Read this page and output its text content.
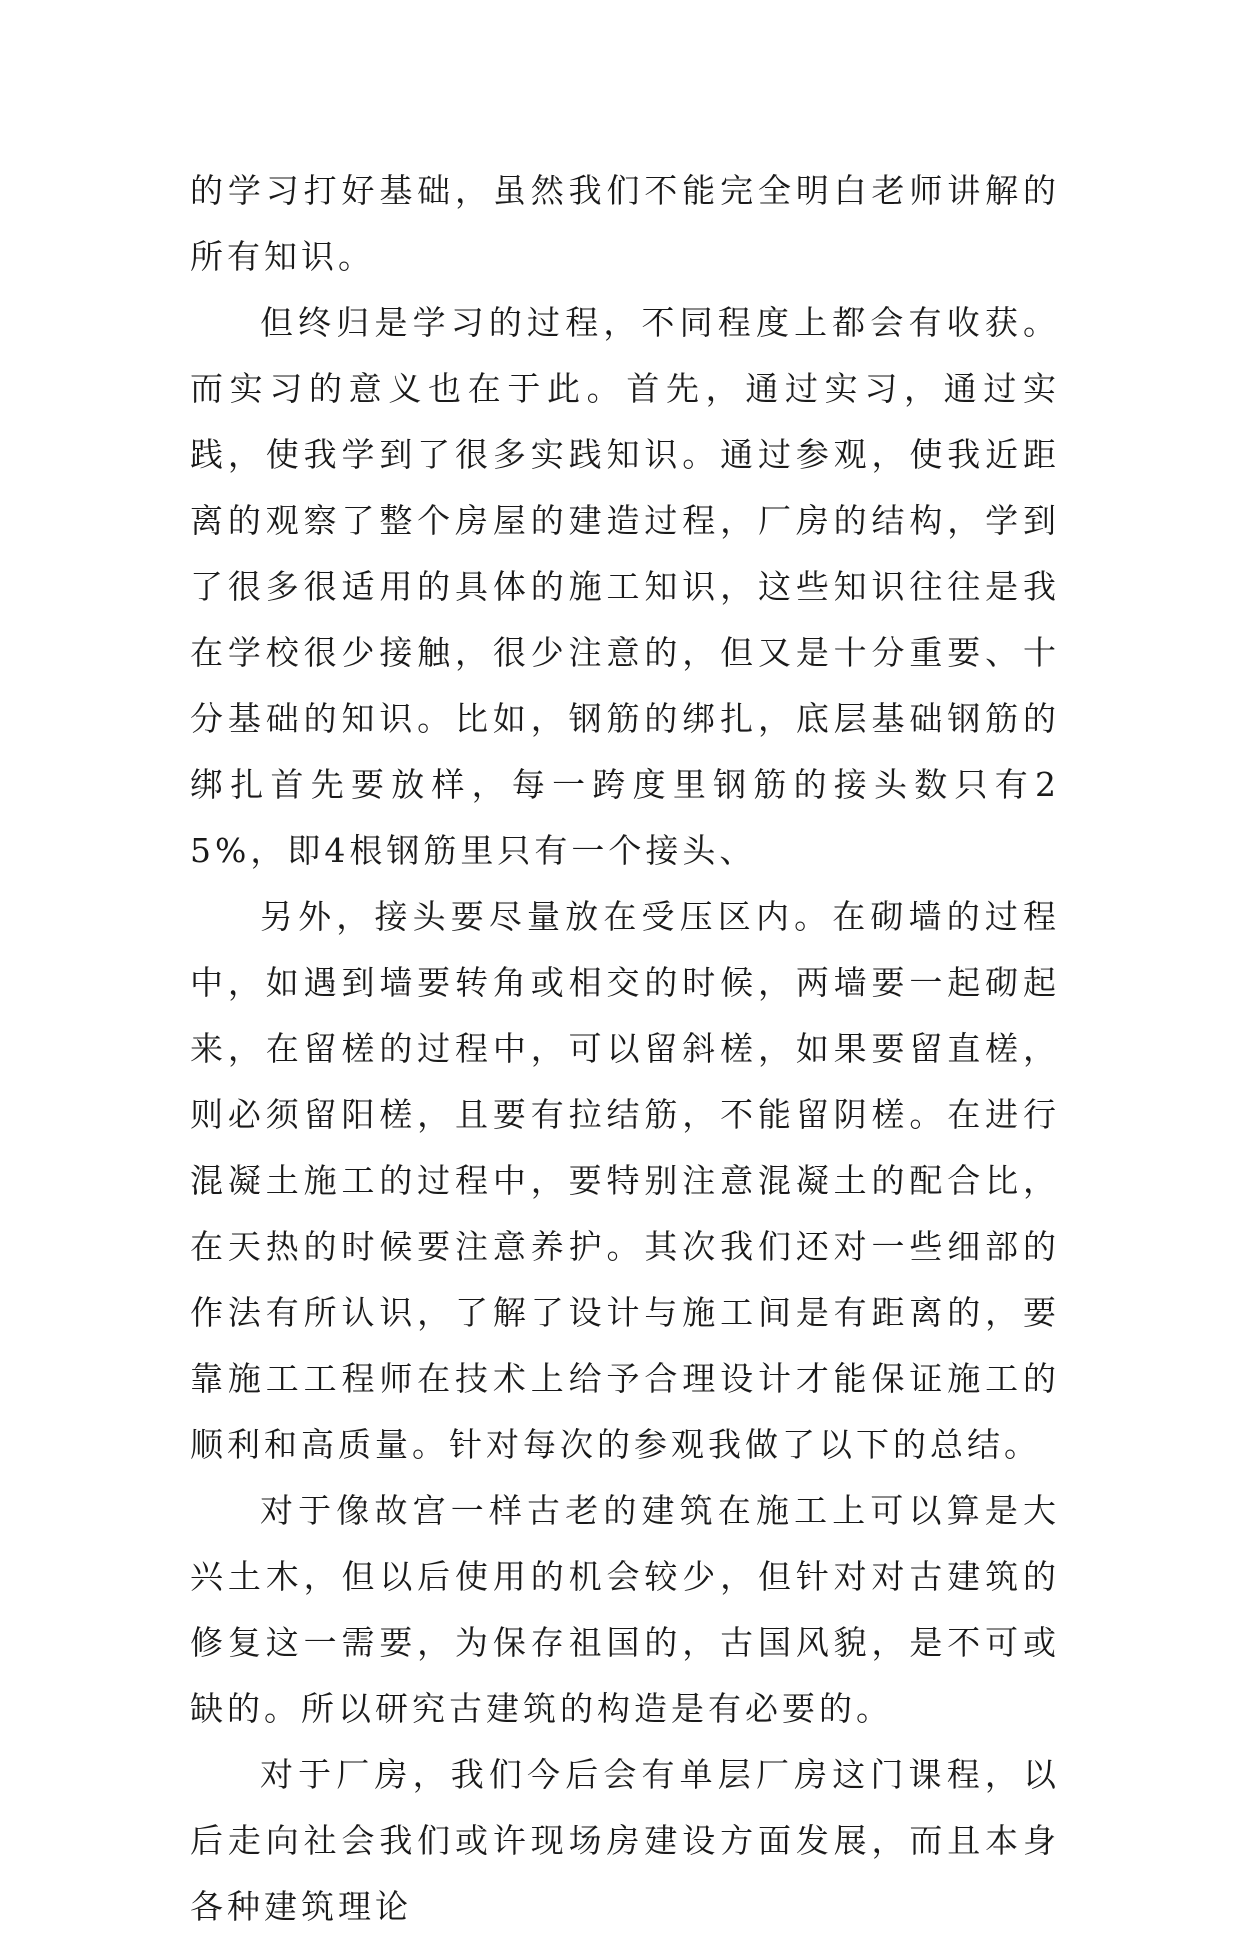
的学习打好基础，虽然我们不能完全明白老师讲解的所有知识。

但终归是学习的过程，不同程度上都会有收获。而实习的意义也在于此。首先，通过实习，通过实践，使我学到了很多实践知识。通过参观，使我近距离的观察了整个房屋的建造过程，厂房的结构，学到了很多很适用的具体的施工知识，这些知识往往是我在学校很少接触，很少注意的，但又是十分重要、十分基础的知识。比如，钢筋的绑扎，底层基础钢筋的绑扎首先要放样，每一跨度里钢筋的接头数只有25%，即4根钢筋里只有一个接头、

另外，接头要尽量放在受压区内。在砌墙的过程中，如遇到墙要转角或相交的时候，两墙要一起砌起来，在留槎的过程中，可以留斜槎，如果要留直槎，则必须留阳槎，且要有拉结筋，不能留阴槎。在进行混凝土施工的过程中，要特别注意混凝土的配合比，在天热的时候要注意养护。其次我们还对一些细部的作法有所认识，了解了设计与施工间是有距离的，要靠施工工程师在技术上给予合理设计才能保证施工的顺利和高质量。针对每次的参观我做了以下的总结。

对于像故宫一样古老的建筑在施工上可以算是大兴土木，但以后使用的机会较少，但针对对古建筑的修复这一需要，为保存祖国的，古国风貌，是不可或缺的。所以研究古建筑的构造是有必要的。

对于厂房，我们今后会有单层厂房这门课程，以后走向社会我们或许现场房建设方面发展，而且本身各种建筑理论
